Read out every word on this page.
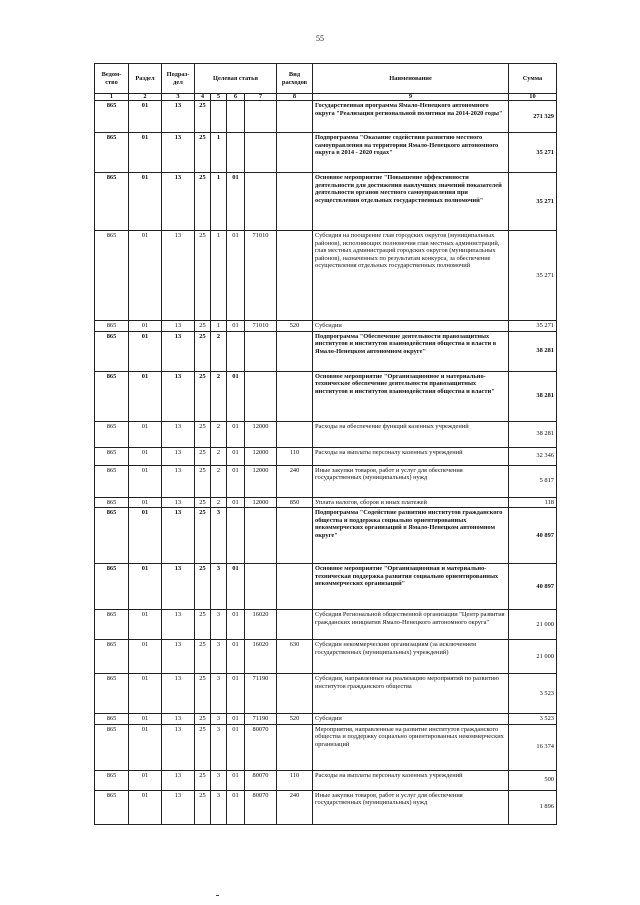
55
Ведом-ство	Раздел	Подраз-дел	Целевая статья				Вид расходов	Наименование	Сумма
1	2	3	4	5	6	7	8	9	10
865	01	13	25					Государственная программа Ямало-Ненецкого автономного округа "Реализация региональной политики на 2014-2020 годы"	271 329
865	01	13	25	1				Подпрограмма "Оказание содействия развитию местного самоуправления на территории Ямало-Ненецкого автономного округа в 2014 - 2020 годах"	35 271
865	01	13	25	1	01			Основное мероприятие "Повышение эффективности деятельности для достижения наилучших значений показателей деятельности органов местного самоуправления при осуществлении отдельных государственных полномочий"	35 271
865	01	13	25	1	01	71010		Субсидия на поощрение глав городских округов (муниципальных районов), исполняющих полномочия глав местных администраций, глав местных администраций городских округов (муниципальных районов), назначенных по результатам конкурса, за обеспечение осуществления отдельных государственных полномочий	35 271
865	01	13	25	1	01	71010	520	Субсидии	35 271
865	01	13	25	2				Подпрограмма "Обеспечение деятельности правозащитных институтов и институтов взаимодействия общества и власти в Ямало-Ненецком автономном округе"	38 281
865	01	13	25	2	01			Основное мероприятие "Организационное и материально-техническое обеспечение деятельности правозащитных институтов и институтов взаимодействия общества и власти"	38 281
865	01	13	25	2	01	12000		Расходы на обеспечение функций казенных учреждений	38 281
865	01	13	25	2	01	12000	110	Расходы на выплаты персоналу казенных учреждений	32 346
865	01	13	25	2	01	12000	240	Иные закупки товаров, работ и услуг для обеспечения государственных (муниципальных) нужд	5 817
865	01	13	25	2	01	12000	850	Уплата налогов, сборов и иных платежей	118
865	01	13	25	3				Подпрограмма "Содействие развитию институтов гражданского общества и поддержка социально ориентированных некоммерческих организаций в Ямало-Ненецком автономном округе"	40 897
865	01	13	25	3	01			Основное мероприятие "Организационная и материально-техническая поддержка развития социально ориентированных некоммерческих организаций"	40 897
865	01	13	25	3	01	16020		Субсидия Региональной общественной организации "Центр развития гражданских инициатив Ямало-Ненецкого автономного округа"	21 000
865	01	13	25	3	01	16020	630	Субсидии некоммерческим организациям (за исключением государственных (муниципальных) учреждений)	21 000
865	01	13	25	3	01	71190		Субсидии, направленные на реализацию мероприятий по развитию институтов гражданского общества	3 523
865	01	13	25	3	01	71190	520	Субсидии	3 523
865	01	13	25	3	01	80070		Мероприятия, направленные на развитие институтов гражданского общества и поддержку социально ориентированных некоммерческих организаций	16 374
865	01	13	25	3	01	80070	110	Расходы на выплаты персоналу казенных учреждений	500
865	01	13	25	3	01	80070	240	Иные закупки товаров, работ и услуг для обеспечения государственных (муниципальных) нужд	1 896
